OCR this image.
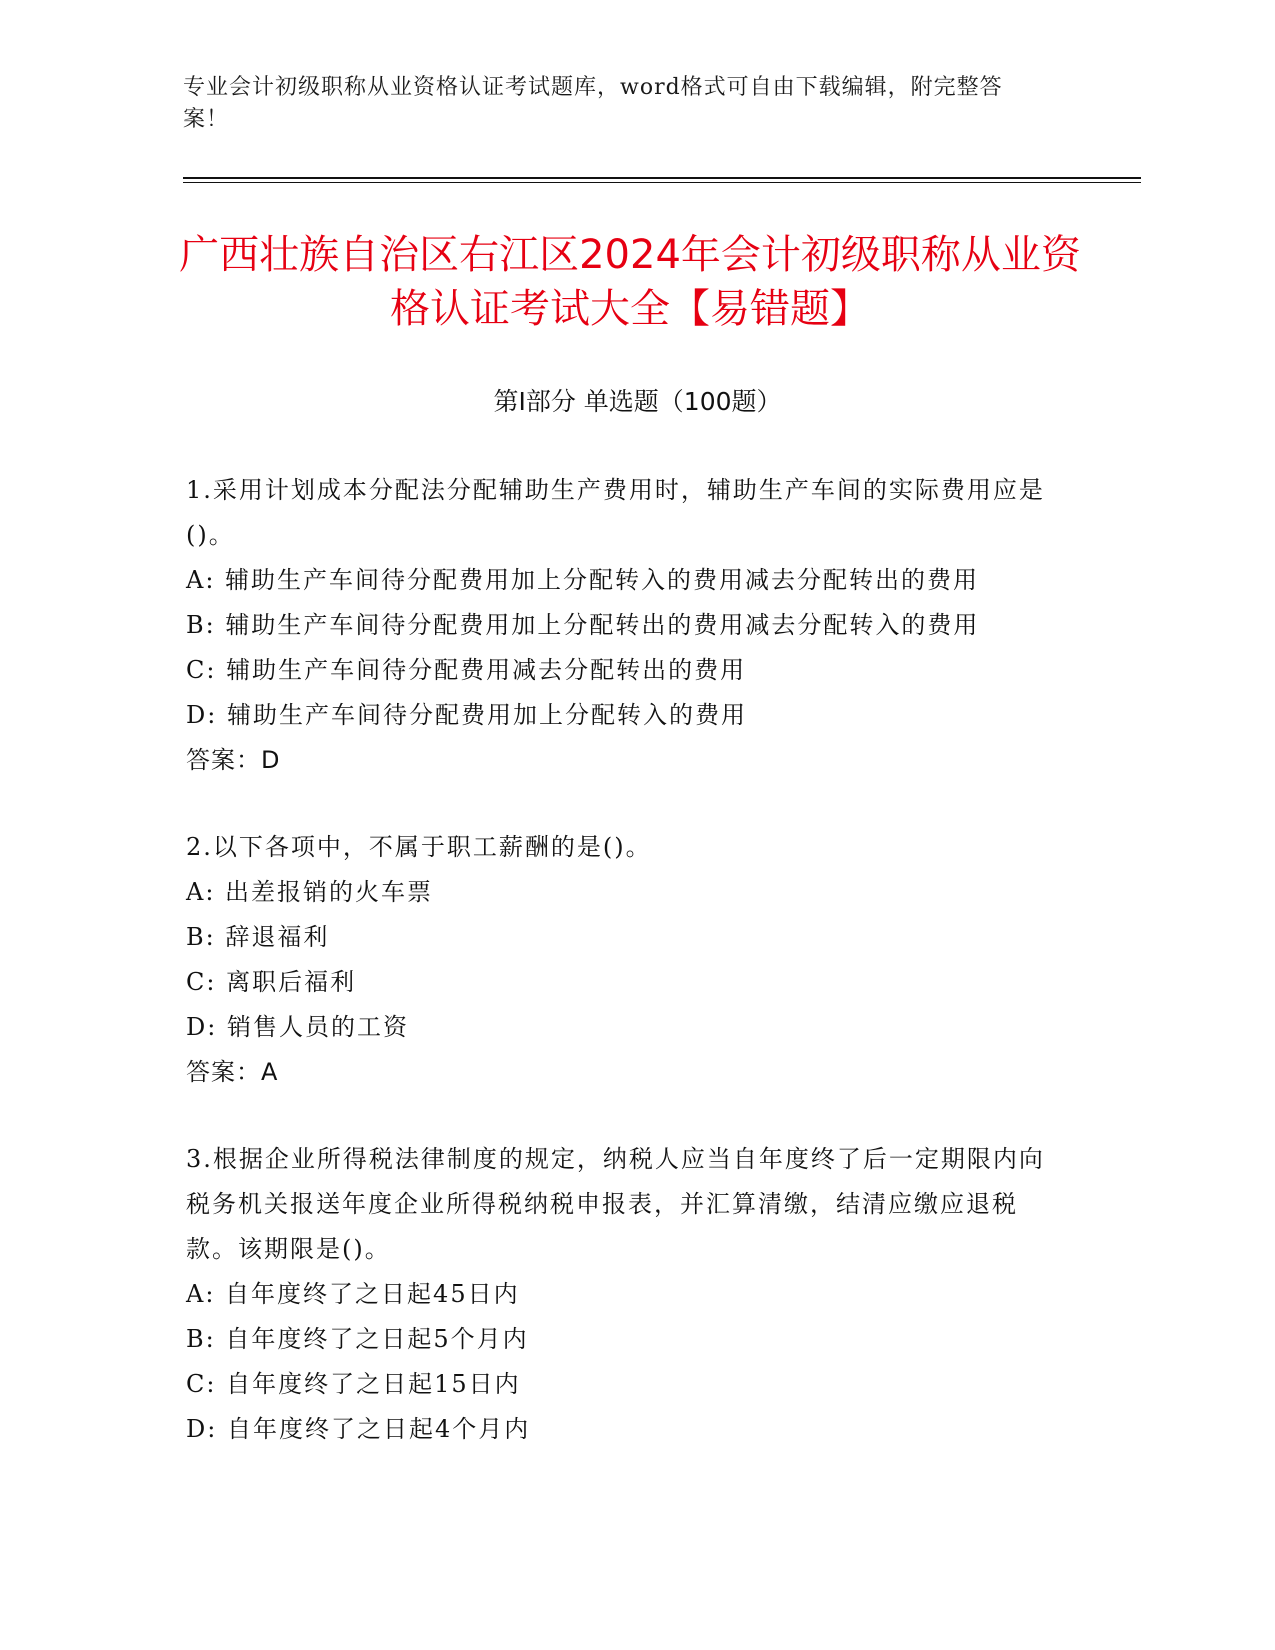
专业会计初级职称从业资格认证考试题库，word格式可自由下载编辑，附完整答案！
广西壮族自治区右江区2024年会计初级职称从业资格认证考试大全【易错题】
第Ⅰ部分 单选题（100题）
1.采用计划成本分配法分配辅助生产费用时，辅助生产车间的实际费用应是()。
A: 辅助生产车间待分配费用加上分配转入的费用减去分配转出的费用
B: 辅助生产车间待分配费用加上分配转出的费用减去分配转入的费用
C: 辅助生产车间待分配费用减去分配转出的费用
D: 辅助生产车间待分配费用加上分配转入的费用
答案：D
2.以下各项中，不属于职工薪酬的是()。
A: 出差报销的火车票
B: 辞退福利
C: 离职后福利
D: 销售人员的工资
答案：A
3.根据企业所得税法律制度的规定，纳税人应当自年度终了后一定期限内向税务机关报送年度企业所得税纳税申报表，并汇算清缴，结清应缴应退税款。该期限是()。
A: 自年度终了之日起45日内
B: 自年度终了之日起5个月内
C: 自年度终了之日起15日内
D: 自年度终了之日起4个月内
